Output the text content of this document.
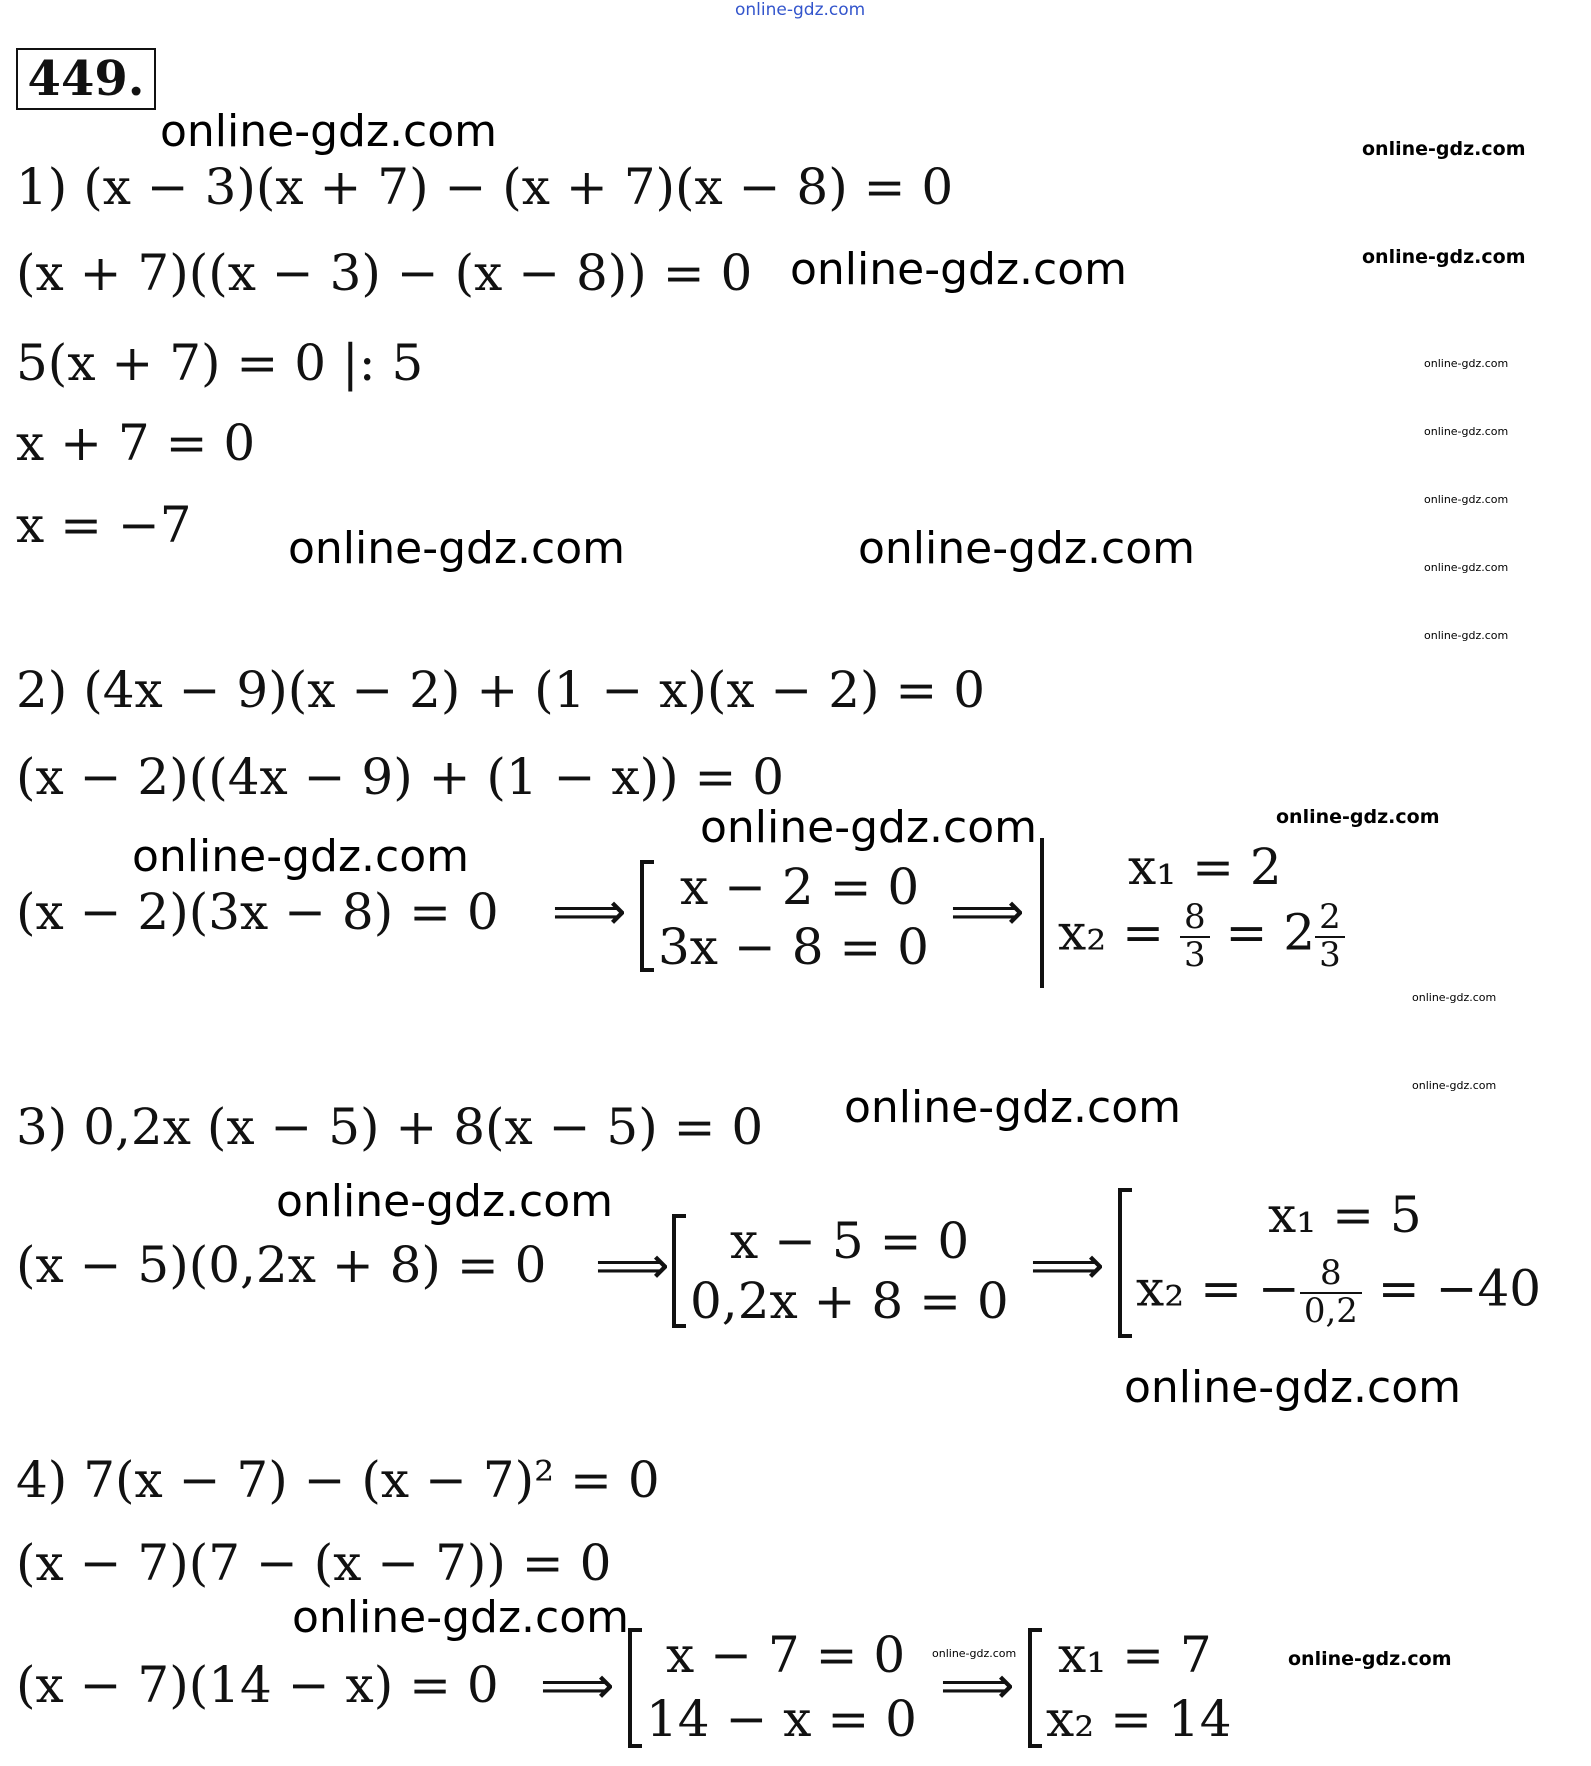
online-gdz.com
449.
1) (x − 3)(x + 7) − (x + 7)(x − 8) = 0
(x + 7)((x − 3) − (x − 8)) = 0
5(x + 7) = 0 |: 5
x + 7 = 0
x = −7
2) (4x − 9)(x − 2) + (1 − x)(x − 2) = 0
(x − 2)((4x − 9) + (1 − x)) = 0
(x − 2)(3x − 8) = 0 ⟹ x − 2 = 0
3x − 8 = 0
⟹
x₁ = 2
$x_2 = \frac{8}{3} = 2 \frac{2}{3}$
3) 0,2x (x − 5) + 8(x − 5) = 0
(x − 5)(0,2x + 8) = 0 ⟹ x − 5 = 0
0,2x + 8 = 0
⟹
x₁ = 5
x₂ = − $\frac{8}{0,2} = -40$
4) 7(x − 7) − (x − 7)² = 0
(x − 7)(7 − (x − 7)) = 0
(x − 7)(14 − x) = 0 ⟹
x − 7 = 0
14 − x = 0
⟹
x₁ = 7
x₂ = 14
online-gdz.com	online-gdz.com
online-gdz.com	online-gdz.com
online-gdz.com
online-gdz.com
online-gdz.com
online-gdz.com	online-gdz.com	online-gdz.com
online-gdz.com
online-gdz.com	online-gdz.com
online-gdz.com
online-gdz.com
online-gdz.com
online-gdz.com
online-gdz.com
online-gdz.com
online-gdz.com
online-gdz.com	online-gdz.com
